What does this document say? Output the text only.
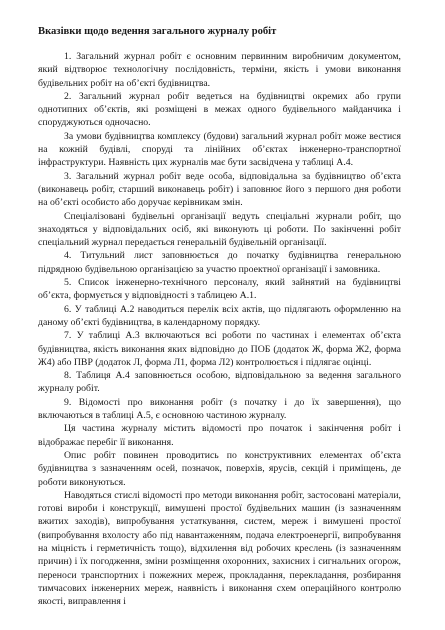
Вказівки щодо ведення загального журналу робіт

1. Загальний журнал робіт є основним первинним виробничим документом, який відтворює технологічну послідовність, терміни, якість і умови виконання будівельних робіт на об’єкті будівництва.

2. Загальний журнал робіт ведеться на будівництві окремих або групи однотипних об’єктів, які розміщені в межах одного будівельного майданчика і споруджуються одночасно.

За умови будівництва комплексу (будови) загальний журнал робіт може вестися на кожній будівлі, споруді та лінійних об’єктах інженерно-транспортної інфраструктури. Наявність цих журналів має бути засвідчена у таблиці А.4.

3. Загальний журнал робіт веде особа, відповідальна за будівництво об’єкта (виконавець робіт, старший виконавець робіт) і заповнює його з першого дня роботи на об’єкті особисто або доручає керівникам змін.

Спеціалізовані будівельні організації ведуть спеціальні журнали робіт, що знаходяться у відповідальних осіб, які виконують ці роботи. По закінченні робіт спеціальний журнал передається генеральній будівельній організації.

4. Титульний лист заповнюється до початку будівництва генеральною підрядною будівельною організацією за участю проектної організації і замовника.

5. Список інженерно-технічного персоналу, який зайнятий на будівництві об’єкта, формується у відповідності з таблицею А.1.

6. У таблиці А.2 наводиться перелік всіх актів, що підлягають оформленню на даному об’єкті будівництва, в календарному порядку.

7. У таблиці А.3 включаються всі роботи по частинах і елементах об’єкта будівництва, якість виконання яких відповідно до ПОБ (додаток Ж, форма Ж2, форма Ж4) або ПВР (додаток Л, форма Л1, форма Л2) контролюється і підлягає оцінці.

8. Таблиця А.4 заповнюється особою, відповідальною за ведення загального журналу робіт.

9. Відомості про виконання робіт (з початку і до їх завершення), що включаються в таблиці А.5, є основною частиною журналу.

Ця частина журналу містить відомості про початок і закінчення робіт і відображає перебіг її виконання.

Опис робіт повинен проводитись по конструктивних елементах об’єкта будівництва з зазначенням осей, позначок, поверхів, ярусів, секцій і приміщень, де роботи виконуються.

Наводяться стислі відомості про методи виконання робіт, застосовані матеріали, готові вироби і конструкції, вимушені простої будівельних машин (із зазначенням вжитих заходів), випробування устаткування, систем, мереж і вимушені простої (випробування вхолосту або під навантаженням, подача електроенергії, випробування на міцність і герметичність тощо), відхилення від робочих креслень (із зазначенням причин) і їх погодження, зміни розміщення охоронних, захисних і сигнальних огорож, переноси транспортних і пожежних мереж, прокладання, перекладання, розбирання тимчасових інженерних мереж, наявність і виконання схем операційного контролю якості, виправлення і
